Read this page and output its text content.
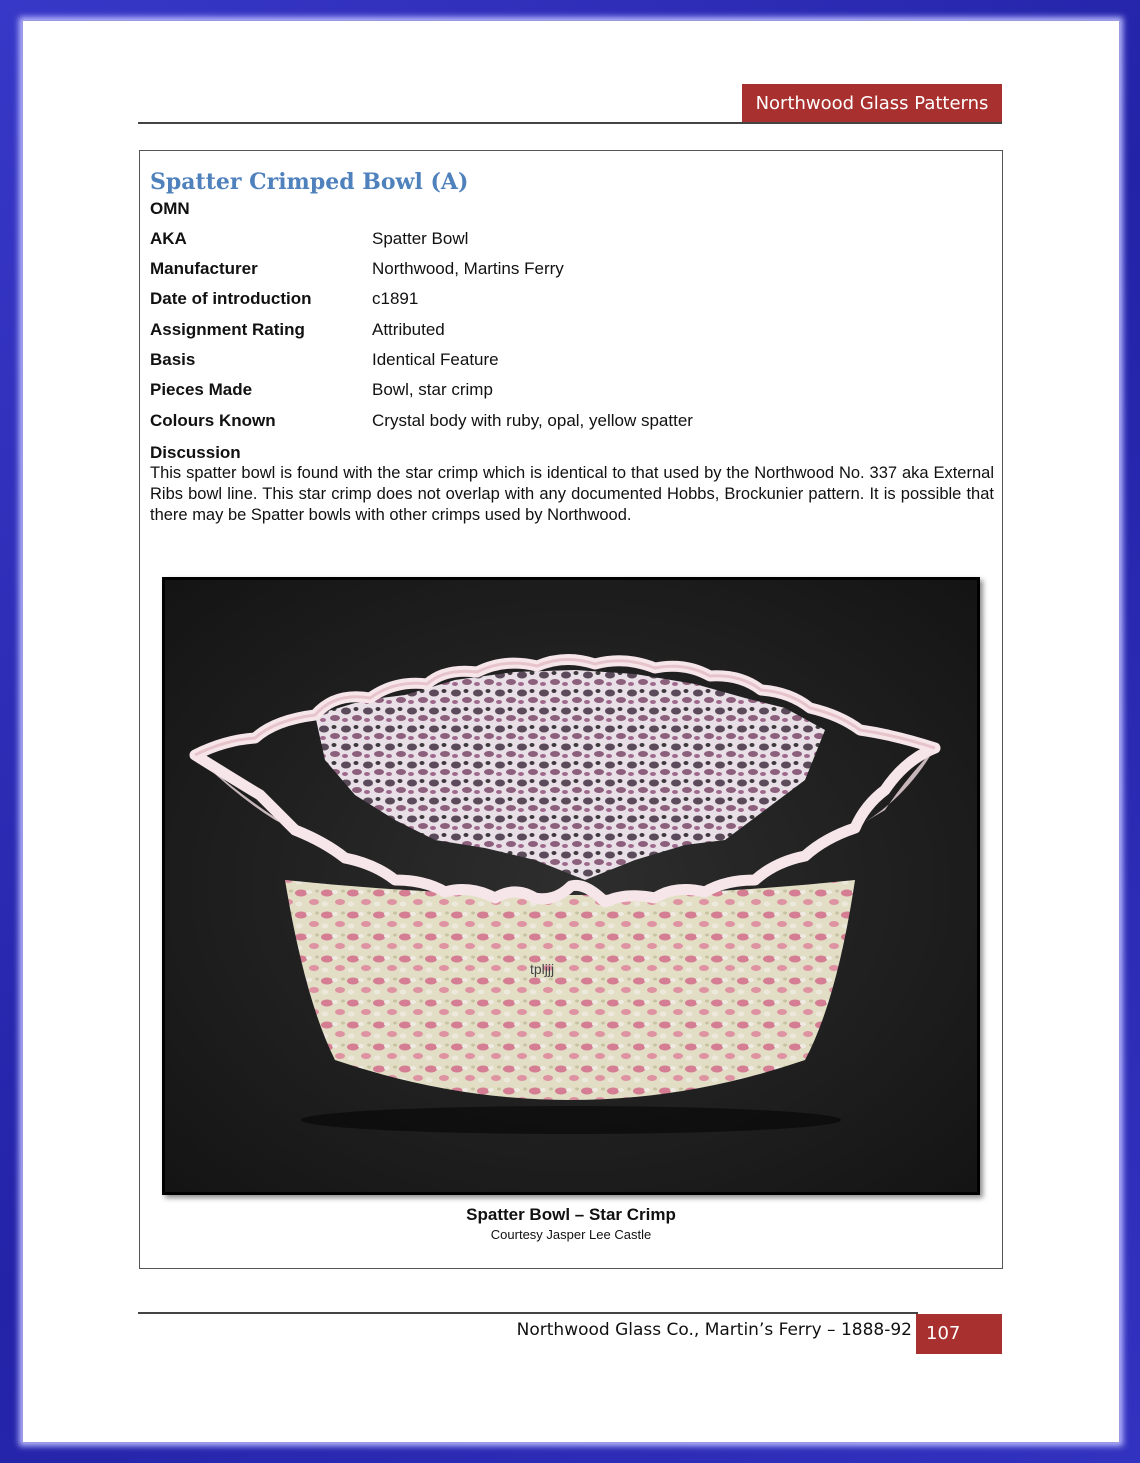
Northwood Glass Patterns
Spatter Crimped Bowl (A)
OMN
AKA	Spatter Bowl
Manufacturer	Northwood, Martins Ferry
Date of introduction	c1891
Assignment Rating	Attributed
Basis	Identical Feature
Pieces Made	Bowl, star crimp
Colours Known	Crystal body with ruby, opal, yellow spatter
Discussion
This spatter bowl is found with the star crimp which is identical to that used by the Northwood No. 337 aka External Ribs bowl line. This star crimp does not overlap with any documented Hobbs, Brockunier pattern. It is possible that there may be Spatter bowls with other crimps used by Northwood.
tpljjj
Spatter Bowl – Star Crimp
Courtesy Jasper Lee Castle
Northwood Glass Co., Martin’s Ferry – 1888-92 107
